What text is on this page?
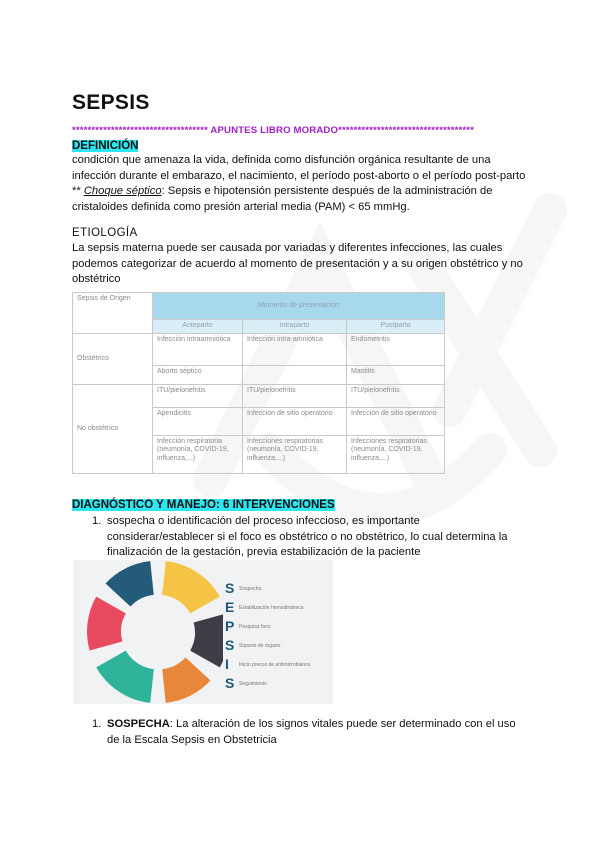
SEPSIS
*********************************** APUNTES LIBRO MORADO***********************************
DEFINICIÓN
condición que amenaza la vida, definida como disfunción orgánica resultante de una
infección durante el embarazo, el nacimiento, el período post-aborto o el período post-parto
** Choque séptico: Sepsis e hipotensión persistente después de la administración de
cristaloides definida como presión arterial media (PAM) < 65 mmHg.
ETIOLOGÍA
La sepsis materna puede ser causada por variadas y diferentes infecciones, las cuales
podemos categorizar de acuerdo al momento de presentación y a su origen obstétrico y no
obstétrico
Sepsis de Origen	Momento de presentación		
	Anteparto	Intraparto	Postparto
Obstétrico	Infección intraamniótica	Infección intra-amniótica	Endometritis
	Aborto séptico		Mastitis
No obstétrico	ITU/pielonefritis	ITU/pielonefritis	ITU/pielonefritis
	Apendicitis	Infección de sitio operatorio	Infección de sitio operatorio
	Infección respiratoria (neumonía, COVID-19, influenza,...)	Infecciones respiratorias (neumonía, COVID-19, influenza,...)	Infecciones respiratorias (neumonía, COVID-19, influenza,...)
DIAGNÓSTICO Y MANEJO: 6 INTERVENCIONES
1. sospecha o identificación del proceso infeccioso, es importante
considerar/establecer si el foco es obstétrico o no obstétrico, lo cual determina la
finalización de la gestación, previa estabilización de la paciente
S
E
P
S
I
S
Sospecha
Estabilización hemodinámica
Pesquisa foco
Soporte de órgano
Inicio precoz de antimicrobianos
Seguimiento
1. SOSPECHA: La alteración de los signos vitales puede ser determinado con el uso
de la Escala Sepsis en Obstetricia
